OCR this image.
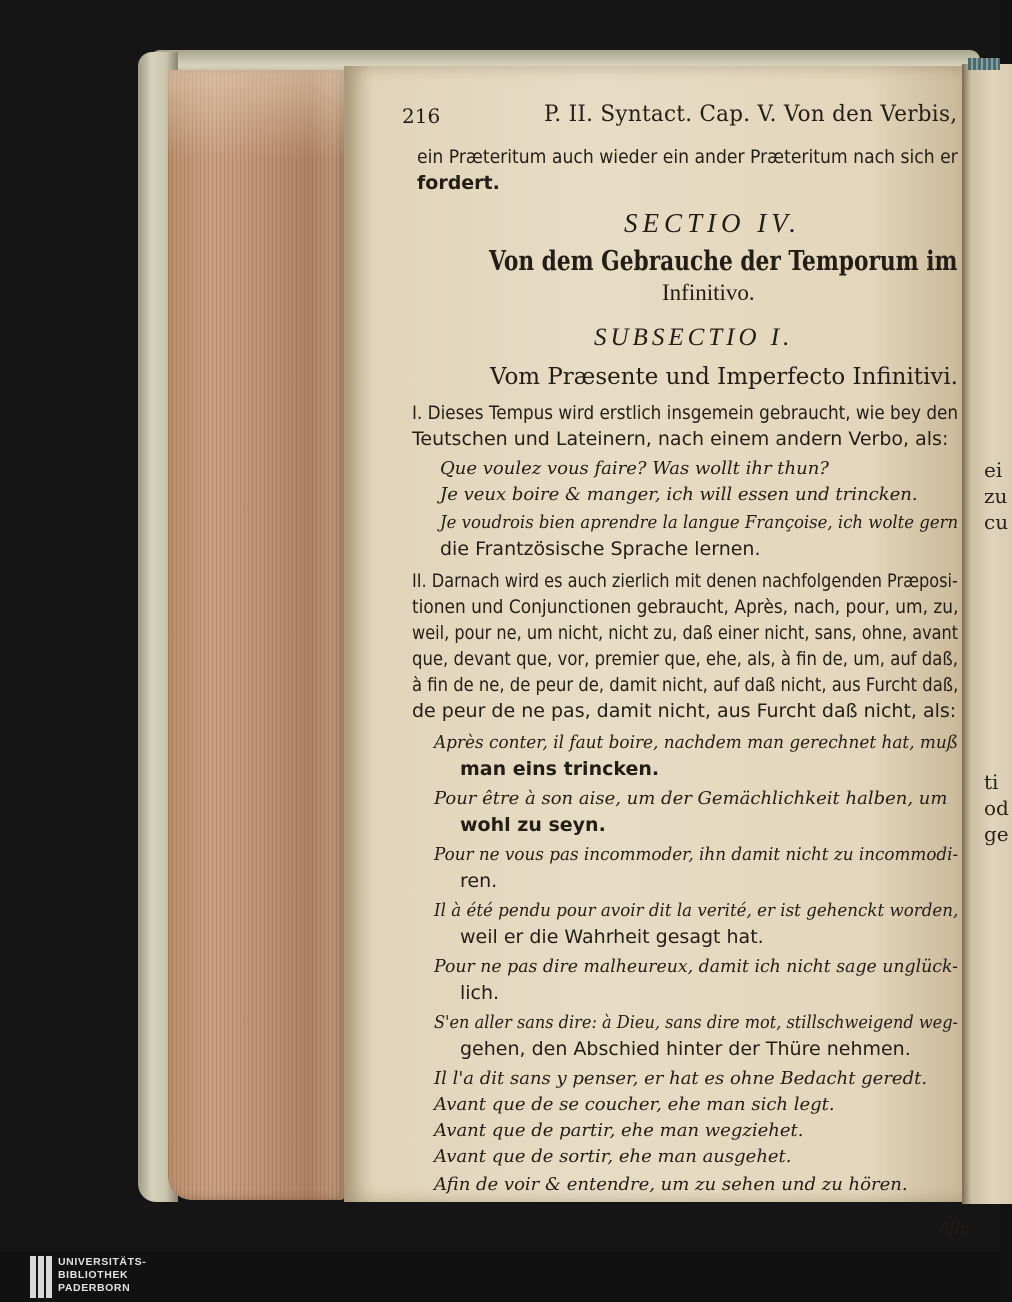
216	P. II. Syntact. Cap. V. Von den Verbis,
ein Præteritum auch wieder ein ander Præteritum nach sich er
fordert.
SECTIO IV.
Von dem Gebrauche der Temporum im
Infinitivo.
SUBSECTIO I.
Vom Præsente und Imperfecto Infinitivi.
I. Dieses Tempus wird erstlich insgemein gebraucht, wie bey den
Teutschen und Lateinern, nach einem andern Verbo, als:
Que voulez vous faire? Was wollt ihr thun?
Je veux boire & manger, ich will essen und trincken.
Je voudrois bien aprendre la langue Françoise, ich wolte gern
die Frantzösische Sprache lernen.
II. Darnach wird es auch zierlich mit denen nachfolgenden Præposi-
tionen und Conjunctionen gebraucht, Après, nach, pour, um, zu,
weil, pour ne, um nicht, nicht zu, daß einer nicht, sans, ohne, avant
que, devant que, vor, premier que, ehe, als, à fin de, um, auf daß,
à fin de ne, de peur de, damit nicht, auf daß nicht, aus Furcht daß,
de peur de ne pas, damit nicht, aus Furcht daß nicht, als:
Après conter, il faut boire, nachdem man gerechnet hat, muß
man eins trincken.
Pour être à son aise, um der Gemächlichkeit halben, um
wohl zu seyn.
Pour ne vous pas incommoder, ihn damit nicht zu incommodi-
ren.
Il à été pendu pour avoir dit la verité, er ist gehenckt worden,
weil er die Wahrheit gesagt hat.
Pour ne pas dire malheureux, damit ich nicht sage unglück-
lich.
S'en aller sans dire: à Dieu, sans dire mot, stillschweigend weg-
gehen, den Abschied hinter der Thüre nehmen.
Il l'a dit sans y penser, er hat es ohne Bedacht geredt.
Avant que de se coucher, ehe man sich legt.
Avant que de partir, ehe man wegziehet.
Avant que de sortir, ehe man ausgehet.
Afin de voir & entendre, um zu sehen und zu hören.
Afin
ei
zu
cu
ti
od
ge
UNIVERSITÄTS-
BIBLIOTHEK
PADERBORN
